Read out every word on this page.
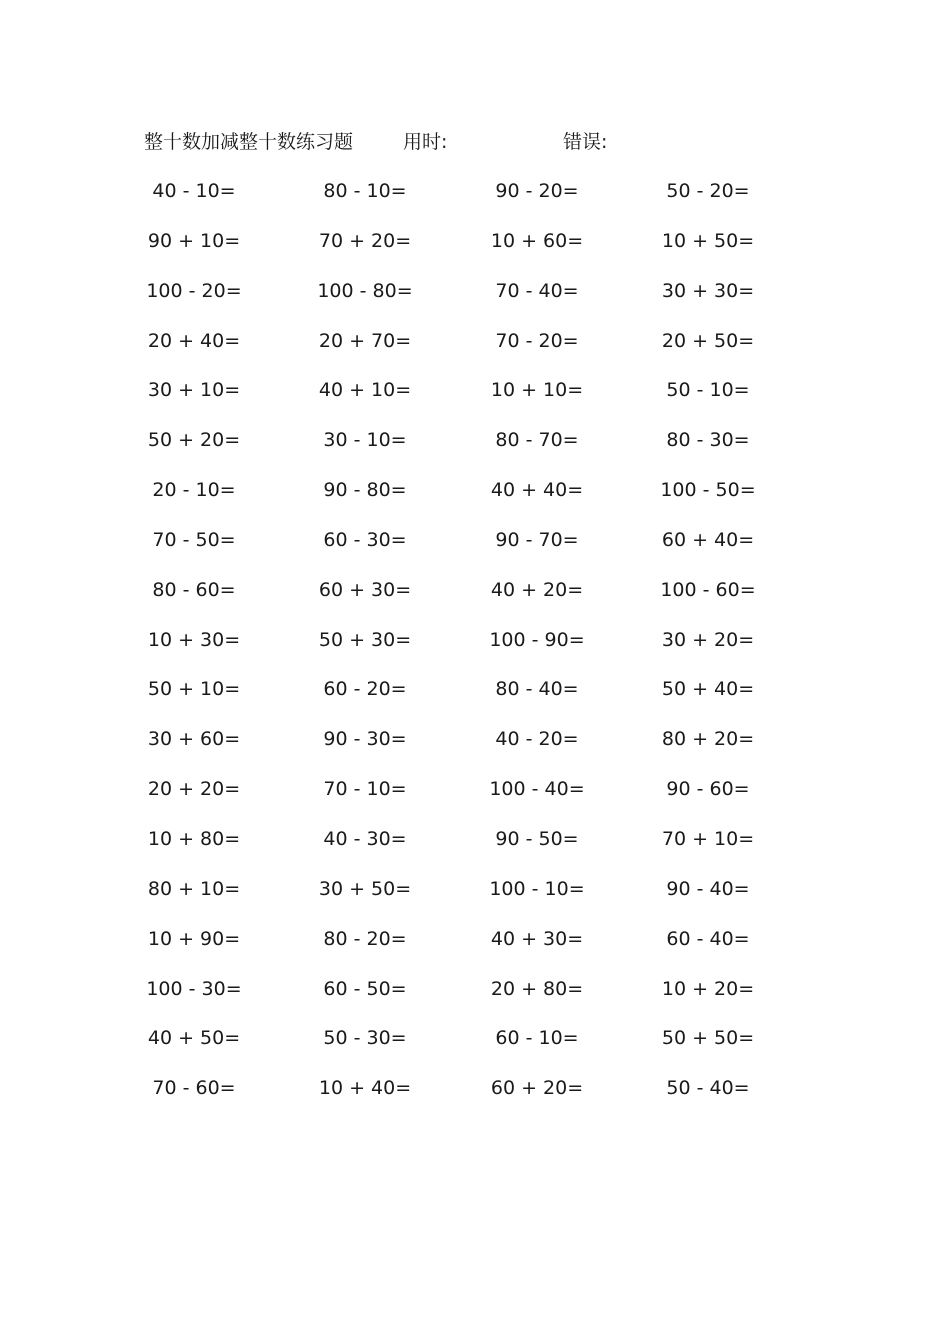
整十数加减整十数练习题	用时:	错误:
40 - 10=	80 - 10=	90 - 20=	50 - 20=
90 + 10=	70 + 20=	10 + 60=	10 + 50=
100 - 20=	100 - 80=	70 - 40=	30 + 30=
20 + 40=	20 + 70=	70 - 20=	20 + 50=
30 + 10=	40 + 10=	10 + 10=	50 - 10=
50 + 20=	30 - 10=	80 - 70=	80 - 30=
20 - 10=	90 - 80=	40 + 40=	100 - 50=
70 - 50=	60 - 30=	90 - 70=	60 + 40=
80 - 60=	60 + 30=	40 + 20=	100 - 60=
10 + 30=	50 + 30=	100 - 90=	30 + 20=
50 + 10=	60 - 20=	80 - 40=	50 + 40=
30 + 60=	90 - 30=	40 - 20=	80 + 20=
20 + 20=	70 - 10=	100 - 40=	90 - 60=
10 + 80=	40 - 30=	90 - 50=	70 + 10=
80 + 10=	30 + 50=	100 - 10=	90 - 40=
10 + 90=	80 - 20=	40 + 30=	60 - 40=
100 - 30=	60 - 50=	20 + 80=	10 + 20=
40 + 50=	50 - 30=	60 - 10=	50 + 50=
70 - 60=	10 + 40=	60 + 20=	50 - 40=
